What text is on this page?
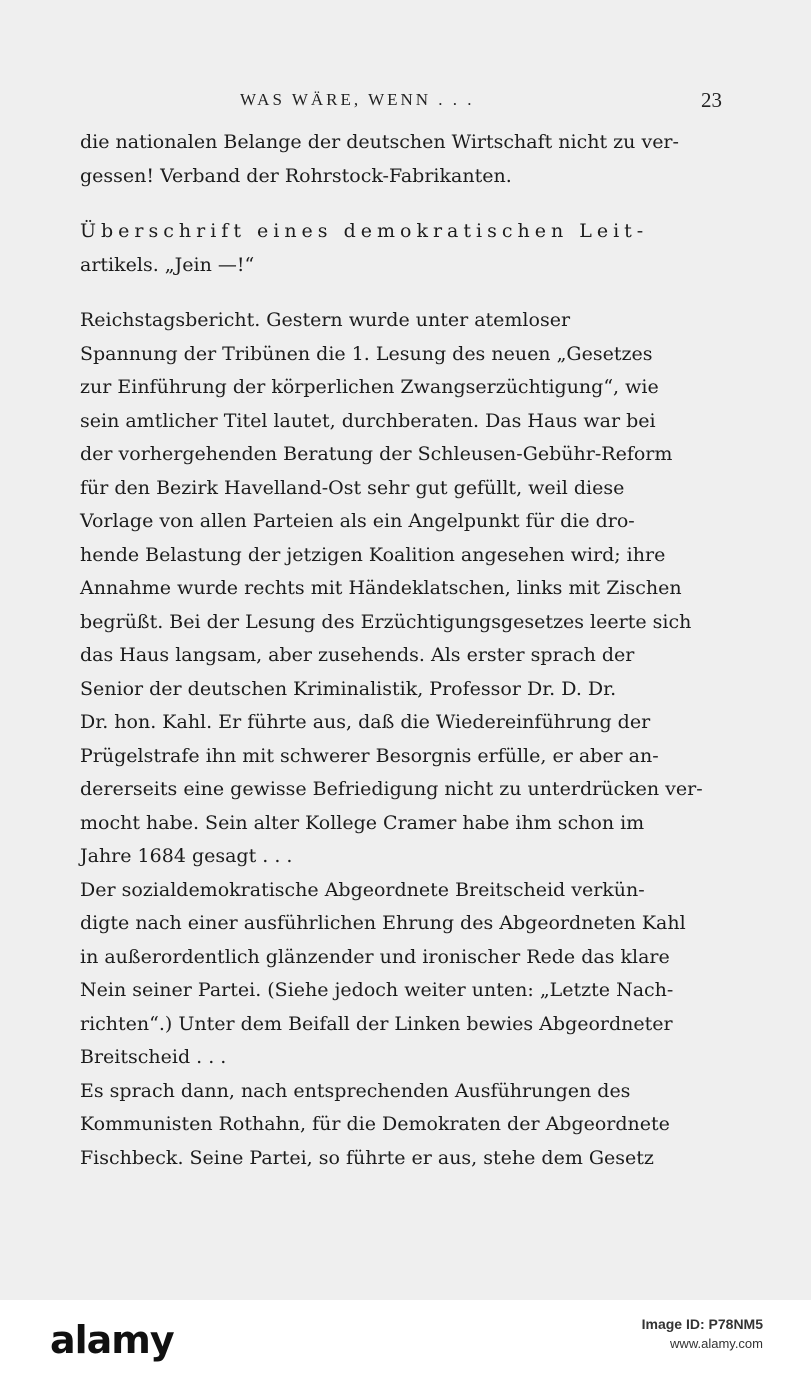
WAS WÄRE, WENN . . .	23
die nationalen Belange der deutschen Wirtschaft nicht zu ver-
gessen! Verband der Rohrstock-Fabrikanten.
Überschrift eines demokratischen Leit-
artikels. „Jein —!“
Reichstagsbericht. Gestern wurde unter atemloser
Spannung der Tribünen die 1. Lesung des neuen „Gesetzes
zur Einführung der körperlichen Zwangserzüchtigung“, wie
sein amtlicher Titel lautet, durchberaten. Das Haus war bei
der vorhergehenden Beratung der Schleusen-Gebühr-Reform
für den Bezirk Havelland-Ost sehr gut gefüllt, weil diese
Vorlage von allen Parteien als ein Angelpunkt für die dro-
hende Belastung der jetzigen Koalition angesehen wird; ihre
Annahme wurde rechts mit Händeklatschen, links mit Zischen
begrüßt. Bei der Lesung des Erzüchtigungsgesetzes leerte sich
das Haus langsam, aber zusehends. Als erster sprach der
Senior der deutschen Kriminalistik, Professor Dr. D. Dr.
Dr. hon. Kahl. Er führte aus, daß die Wiedereinführung der
Prügelstrafe ihn mit schwerer Besorgnis erfülle, er aber an-
dererseits eine gewisse Befriedigung nicht zu unterdrücken ver-
mocht habe. Sein alter Kollege Cramer habe ihm schon im
Jahre 1684 gesagt . . .
Der sozialdemokratische Abgeordnete Breitscheid verkün-
digte nach einer ausführlichen Ehrung des Abgeordneten Kahl
in außerordentlich glänzender und ironischer Rede das klare
Nein seiner Partei. (Siehe jedoch weiter unten: „Letzte Nach-
richten“.) Unter dem Beifall der Linken bewies Abgeordneter
Breitscheid . . .
Es sprach dann, nach entsprechenden Ausführungen des
Kommunisten Rothahn, für die Demokraten der Abgeordnete
Fischbeck. Seine Partei, so führte er aus, stehe dem Gesetz
alamy	Image ID: P78NM5
www.alamy.com
